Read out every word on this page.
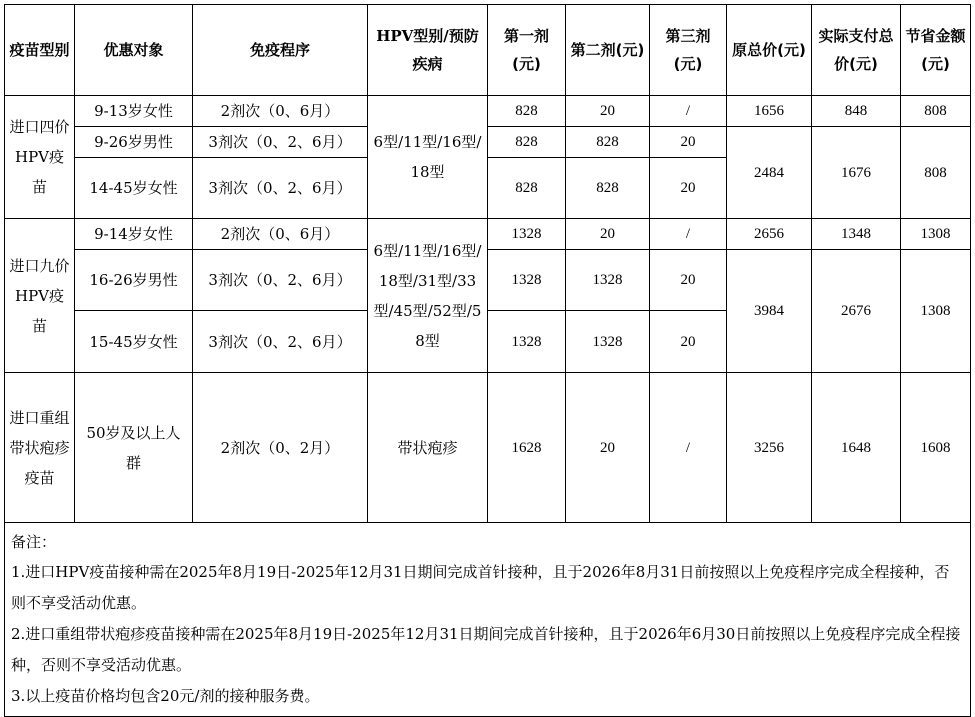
疫苗型别	优惠对象	免疫程序	HPV型别/预防疾病	第一剂(元)	第二剂(元)	第三剂(元)	原总价(元)	实际支付总价(元)	节省金额(元)
进口四价HPV疫苗	9-13岁女性	2剂次（0、6月）	6型/11型/16型/18型	828	20	/	1656	848	808
	9-26岁男性	3剂次（0、2、6月）		828	828	20	2484	1676	808
	14-45岁女性	3剂次（0、2、6月）		828	828	20			
进口九价HPV疫苗	9-14岁女性	2剂次（0、6月）	6型/11型/16型/18型/31型/33型/45型/52型/58型	1328	20	/	2656	1348	1308
	16-26岁男性	3剂次（0、2、6月）		1328	1328	20	3984	2676	1308
	15-45岁女性	3剂次（0、2、6月）		1328	1328	20			
进口重组带状疱疹疫苗	50岁及以上人群	2剂次（0、2月）	带状疱疹	1628	20	/	3256	1648	1608

备注：
1.进口HPV疫苗接种需在2025年8月19日-2025年12月31日期间完成首针接种，且于2026年8月31日前按照以上免疫程序完成全程接种，否则不享受活动优惠。
2.进口重组带状疱疹疫苗接种需在2025年8月19日-2025年12月31日期间完成首针接种，且于2026年6月30日前按照以上免疫程序完成全程接种，否则不享受活动优惠。
3.以上疫苗价格均包含20元/剂的接种服务费。									
